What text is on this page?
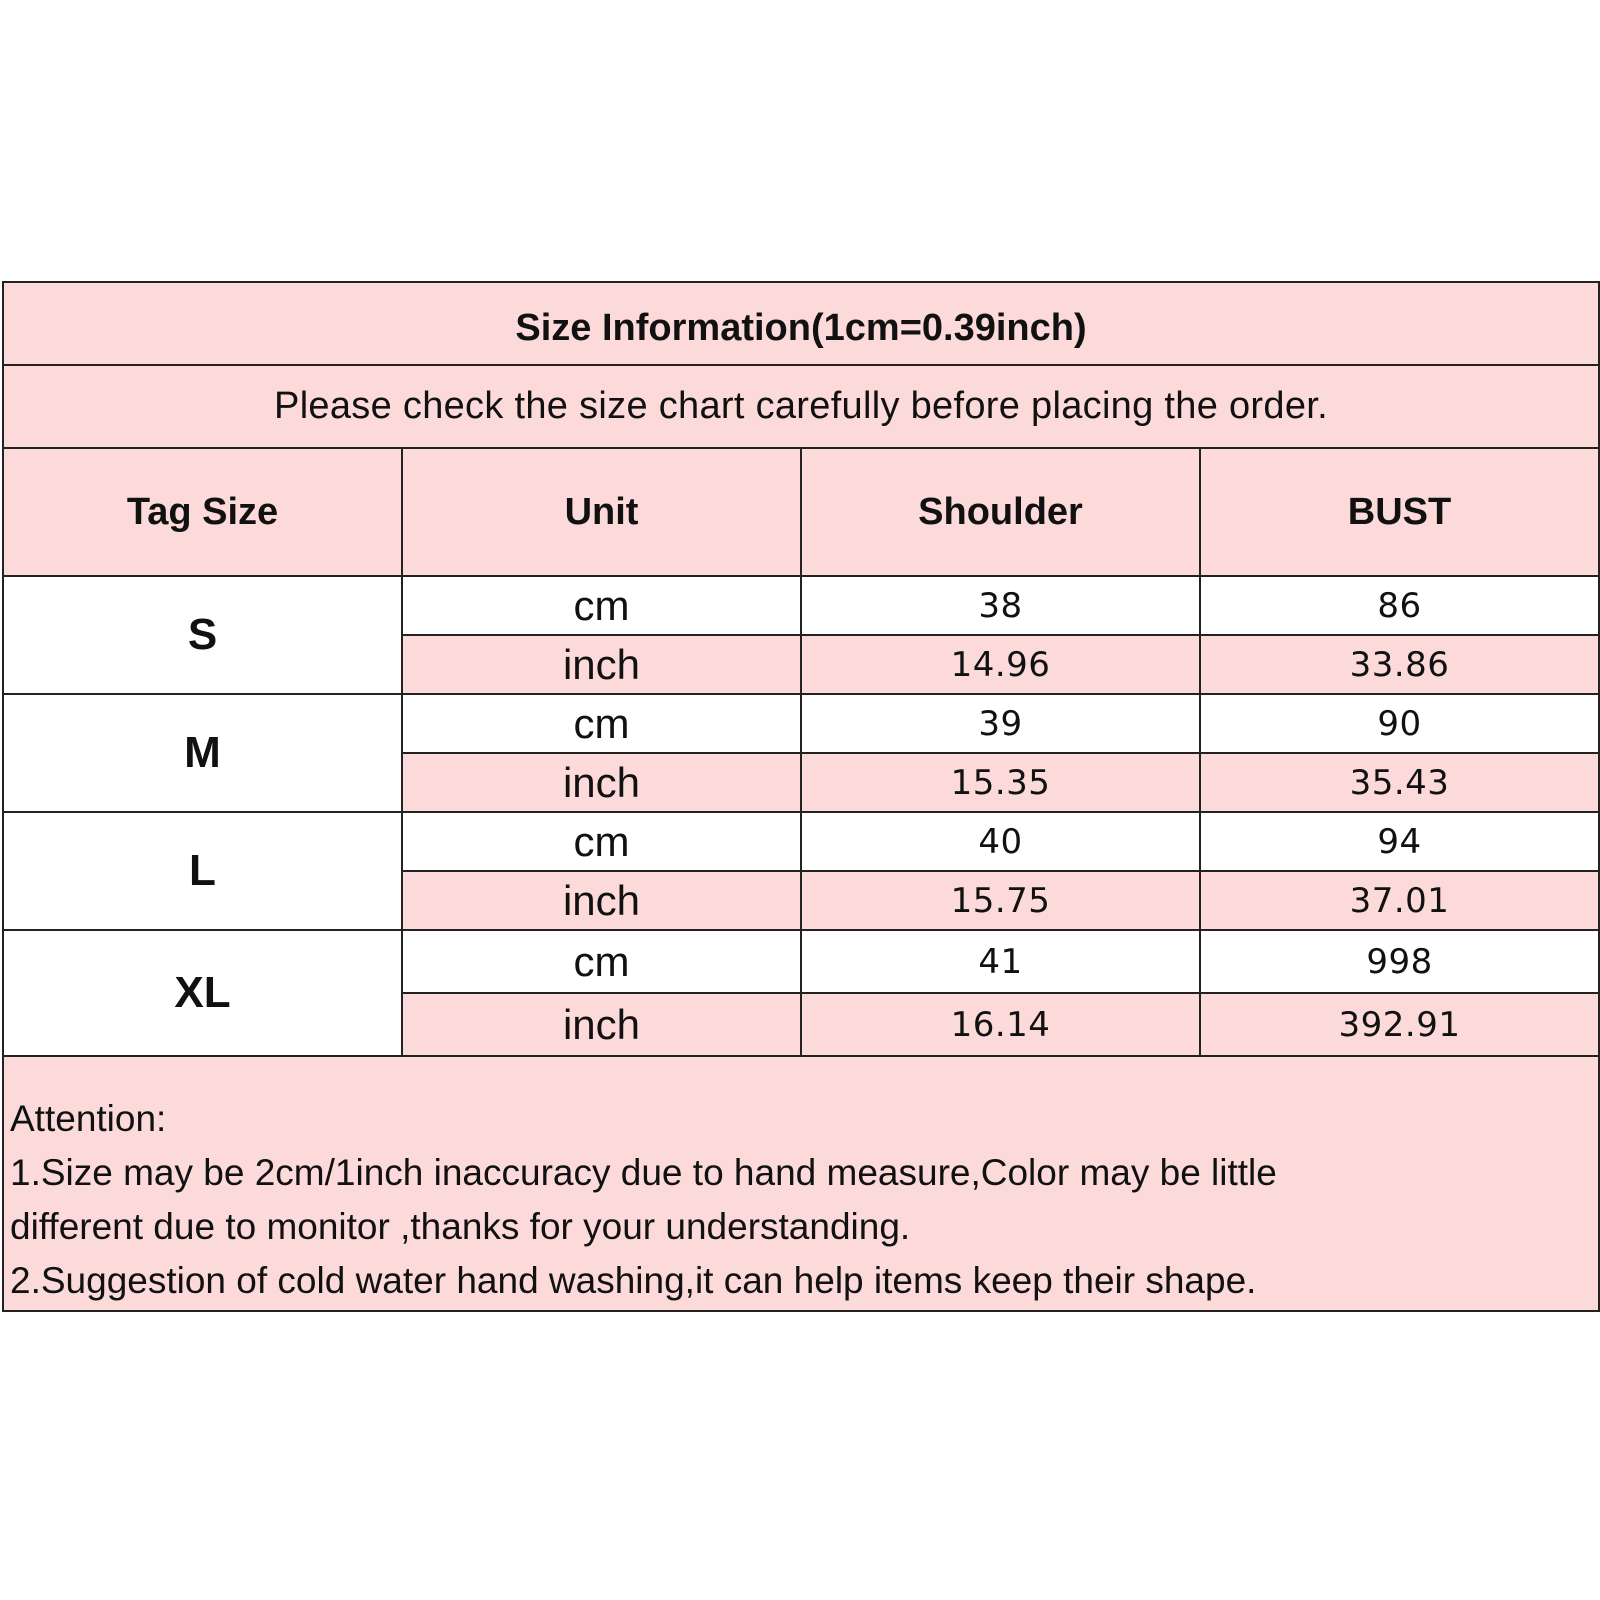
Size Information(1cm=0.39inch)			
Please check the size chart carefully before placing the order.			
Tag Size	Unit	Shoulder	BUST
S	cm	38	86
	inch	14.96	33.86
M	cm	39	90
	inch	15.35	35.43
L	cm	40	94
	inch	15.75	37.01
XL	cm	41	998
	inch	16.14	392.91

Attention:
1.Size may be 2cm/1inch inaccuracy due to hand measure,Color may be little
different due to monitor ,thanks for your understanding.
2.Suggestion of cold water hand washing,it can help items keep their shape.			
